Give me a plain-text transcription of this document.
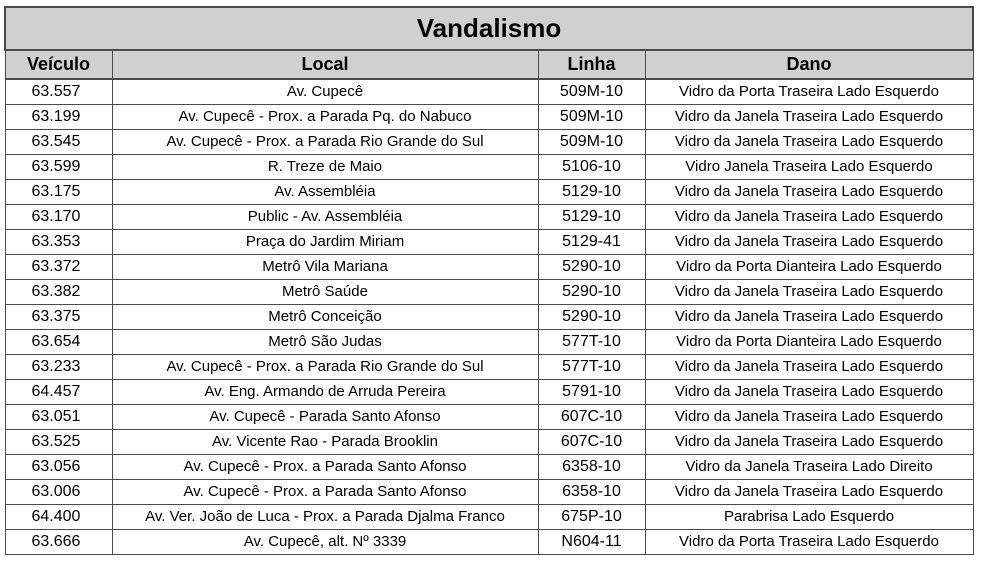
Vandalismo			
Veículo	Local	Linha	Dano
63.557	Av. Cupecê	509M-10	Vidro da Porta Traseira Lado Esquerdo
63.199	Av. Cupecê - Prox. a Parada Pq. do Nabuco	509M-10	Vidro da Janela Traseira Lado Esquerdo
63.545	Av. Cupecê - Prox. a Parada Rio Grande do Sul	509M-10	Vidro da Janela Traseira Lado Esquerdo
63.599	R. Treze de Maio	5106-10	Vidro Janela Traseira Lado Esquerdo
63.175	Av. Assembléia	5129-10	Vidro da Janela Traseira Lado Esquerdo
63.170	Public - Av. Assembléia	5129-10	Vidro da Janela Traseira Lado Esquerdo
63.353	Praça do Jardim Miriam	5129-41	Vidro da Janela Traseira Lado Esquerdo
63.372	Metrô Vila Mariana	5290-10	Vidro da Porta Dianteira Lado Esquerdo
63.382	Metrô Saúde	5290-10	Vidro da Janela Traseira Lado Esquerdo
63.375	Metrô Conceição	5290-10	Vidro da Janela Traseira Lado Esquerdo
63.654	Metrô São Judas	577T-10	Vidro da Porta Dianteira Lado Esquerdo
63.233	Av. Cupecê - Prox. a Parada Rio Grande do Sul	577T-10	Vidro da Janela Traseira Lado Esquerdo
64.457	Av. Eng. Armando de Arruda Pereira	5791-10	Vidro da Janela Traseira Lado Esquerdo
63.051	Av. Cupecê - Parada Santo Afonso	607C-10	Vidro da Janela Traseira Lado Esquerdo
63.525	Av. Vicente Rao - Parada Brooklin	607C-10	Vidro da Janela Traseira Lado Esquerdo
63.056	Av. Cupecê - Prox. a Parada Santo Afonso	6358-10	Vidro da Janela Traseira Lado Direito
63.006	Av. Cupecê - Prox. a Parada Santo Afonso	6358-10	Vidro da Janela Traseira Lado Esquerdo
64.400	Av. Ver. João de Luca - Prox. a Parada Djalma Franco	675P-10	Parabrisa Lado Esquerdo
63.666	Av. Cupecê, alt. Nº 3339	N604-11	Vidro da Porta Traseira Lado Esquerdo
